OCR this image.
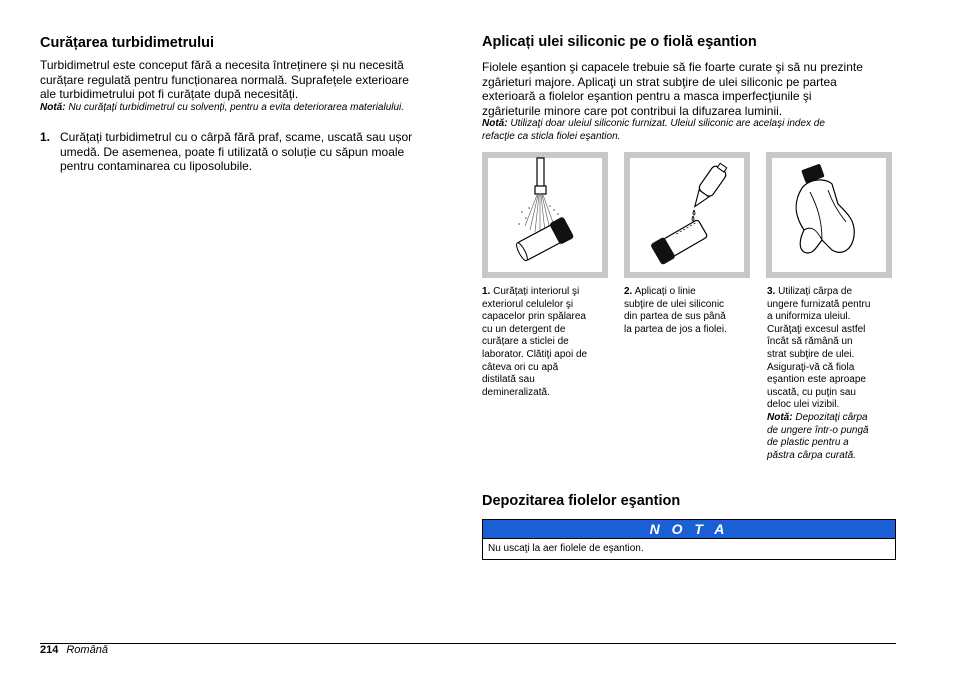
Curățarea turbidimetrului
Turbidimetrul este conceput fără a necesita întreținere și nu necesită
curățare regulată pentru funcționarea normală. Suprafețele exterioare
ale turbidimetrului pot fi curățate după necesități.
Notă: Nu curățați turbidimetrul cu solvenți, pentru a evita deteriorarea materialului.
1. Curățați turbidimetrul cu o cârpă fără praf, scame, uscată sau ușor
umedă. De asemenea, poate fi utilizată o soluție cu săpun moale
pentru contaminarea cu liposolubile.
Aplicați ulei siliconic pe o fiolă eşantion
Fiolele eşantion şi capacele trebuie să fie foarte curate şi să nu prezinte
zgârieturi majore. Aplicaţi un strat subţire de ulei siliconic pe partea
exterioară a fiolelor eşantion pentru a masca imperfecţiunile şi
zgârieturile minore care pot contribui la difuzarea luminii.
Notă: Utilizaţi doar uleiul siliconic furnizat. Uleiul siliconic are acelaşi index de
refacţie ca sticla fiolei eşantion.
1. Curățați interiorul şi
exteriorul celulelor şi
capacelor prin spălarea
cu un detergent de
curățare a sticlei de
laborator. Clătiţi apoi de
câteva ori cu apă
distilată sau
demineralizată.
2. Aplicați o linie
subţire de ulei siliconic
din partea de sus până
la partea de jos a fiolei.
3. Utilizați cârpa de
ungere furnizată pentru
a uniformiza uleiul.
Curăţaţi excesul astfel
încât să rămână un
strat subţire de ulei.
Asiguraţi-vă că fiola
eşantion este aproape
uscată, cu puţin sau
deloc ulei vizibil.
Notă: Depozitaţi cârpa
de ungere într-o pungă
de plastic pentru a
păstra cârpa curată.
Depozitarea fiolelor eşantion
N O T A
Nu uscaţi la aer fiolele de eşantion.
214 Română
